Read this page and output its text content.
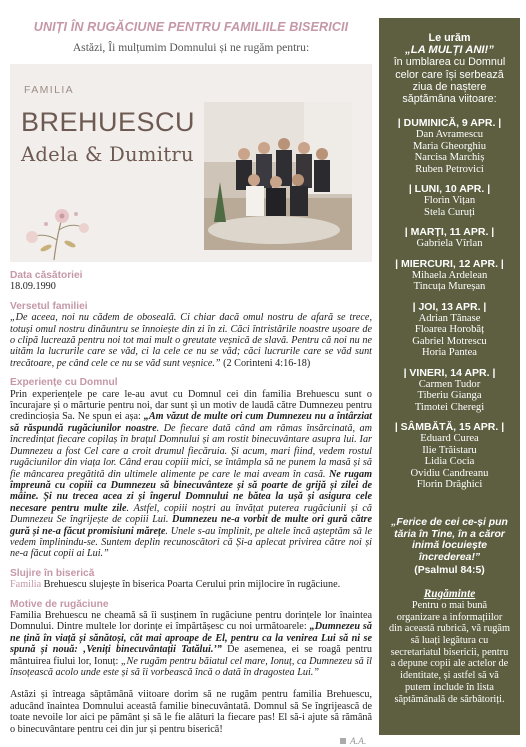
UNIȚI ÎN RUGĂCIUNE PENTRU FAMILIILE BISERICII
Astăzi, Îi mulțumim Domnului și ne rugăm pentru:
FAMILIA
BREHUESCU
Adela & Dumitru
Data căsătoriei

18.09.1990

Versetul familiei

„De aceea, noi nu cădem de oboseală. Ci chiar dacă omul nostru de afară se trece, totuși omul nostru dinăuntru se înnoiește din zi în zi. Căci întristările noastre ușoare de o clipă lucrează pentru noi tot mai mult o greutate veșnică de slavă. Pentru că noi nu ne uităm la lucrurile care se văd, ci la cele ce nu se văd; căci lucrurile care se văd sunt trecătoare, pe când cele ce nu se văd sunt veșnice.” (2 Corinteni 4:16-18)

Experiențe cu Domnul

Prin experiențele pe care le-au avut cu Domnul cei din familia Brehuescu sunt o încurajare și o mărturie pentru noi, dar sunt și un motiv de laudă către Dumnezeu pentru credincioșia Sa. Ne spun ei așa: „Am văzut de multe ori cum Dumnezeu nu a întârziat să răspundă rugăciunilor noastre. De fiecare dată când am rămas însărcinată, am încredințat fiecare copilaș în brațul Domnului și am rostit binecuvântare asupra lui. Iar Dumnezeu a fost Cel care a croit drumul fiecăruia. Și acum, mari fiind, vedem rostul rugăciunilor din viața lor. Când erau copiii mici, se întâmpla să ne punem la masă și să fie mâncarea pregătită din ultimele alimente pe care le mai aveam în casă. Ne rugam împreună cu copiii ca Dumnezeu să binecuvânteze și să poarte de grijă și zilei de mâine. Și nu trecea acea zi și îngerul Domnului ne bătea la ușă și asigura cele necesare pentru multe zile. Astfel, copiii noștri au învățat puterea rugăciunii și că Dumnezeu Se îngrijește de copiii Lui. Dumnezeu ne-a vorbit de multe ori gură către gură și ne-a făcut promisiuni mărețe. Unele s-au împlinit, pe altele încă așteptăm să le vedem împlinindu-se. Suntem deplin recunoscători că Și-a aplecat privirea către noi și ne-a făcut copii ai Lui.”

Slujire în biserică

Familia Brehuescu slujește în biserica Poarta Cerului prin mijlocire în rugăciune.

Motive de rugăciune

Familia Brehuescu ne cheamă să îi susținem în rugăciune pentru dorințele lor înaintea Domnului. Dintre multele lor dorințe ei împărtășesc cu noi următoarele: „Dumnezeu să ne țină în viață și sănătoși, căt mai aproape de El, pentru ca la venirea Lui să ni se spună și nouă: ‚Veniți binecuvântații Tatălui.’” De asemenea, ei se roagă pentru mântuirea fiului lor, Ionuț: „Ne rugăm pentru băiatul cel mare, Ionuț, ca Dumnezeu să îl însoțească acolo unde este și să îi vorbească încă o dată în dragostea Lui.”

Astăzi și întreaga săptămână viitoare dorim să ne rugăm pentru familia Brehuescu, aducând înaintea Domnului această familie binecuvântată. Domnul să Se îngrijească de toate nevoile lor aici pe pământ și să le fie alături la fiecare pas! El să-i ajute să rămână o binecuvântare pentru cei din jur și pentru biserică!

A.A.
Le urăm
„LA MULȚI ANI!”
în umblarea cu Domnul celor care își serbează ziua de naștere săptămâna viitoare:
| DUMINICĂ, 9 APR. |
Dan Avramescu
Maria Gheorghiu
Narcisa Marchiș
Ruben Petrovici
| LUNI, 10 APR. |
Florin Vițan
Stela Curuți
| MARȚI, 11 APR. |
Gabriela Vîrlan
| MIERCURI, 12 APR. |
Mihaela Ardelean
Tincuța Mureșan
| JOI, 13 APR. |
Adrian Tănase
Floarea Horobăț
Gabriel Motrescu
Horia Pantea
| VINERI, 14 APR. |
Carmen Tudor
Tiberiu Gianga
Timotei Cheregi
| SÂMBĂTĂ, 15 APR. |
Eduard Curea
Ilie Trăistaru
Lidia Cocia
Ovidiu Candreanu
Florin Drăghici
„Ferice de cei ce-și pun tăria în Tine, în a căror inimă locuiește încrederea!”
(Psalmul 84:5)
Rugăminte
Pentru o mai bună organizare a informațiilor din această rubrică, vă rugăm să luați legătura cu secretariatul bisericii, pentru a depune copii ale actelor de identitate, și astfel să vă putem include în lista săptămânală de sărbătoriți.
